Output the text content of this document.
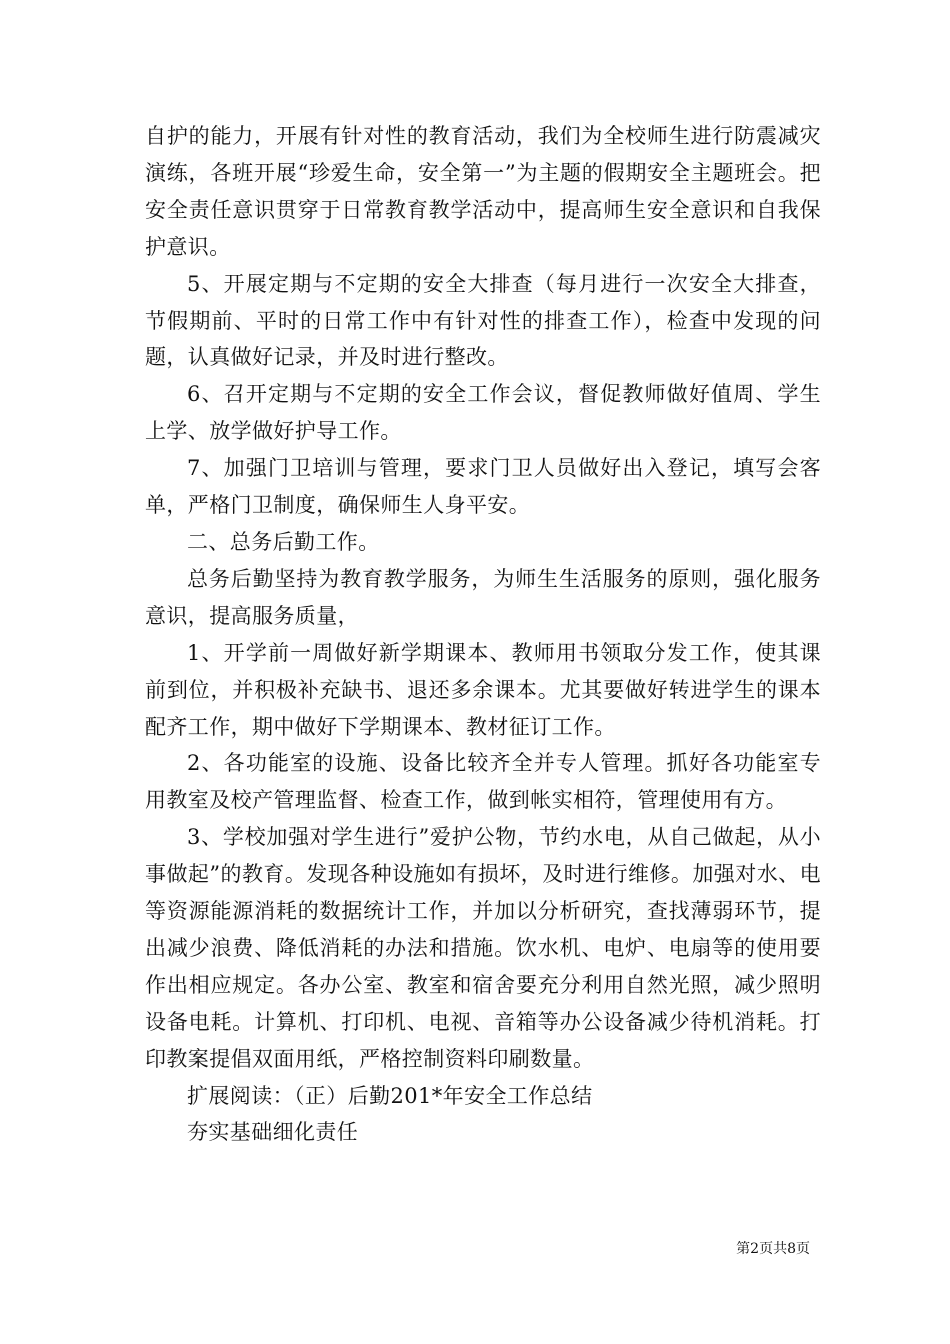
自护的能力，开展有针对性的教育活动，我们为全校师生进行防震减灾演练，各班开展“珍爱生命，安全第一”为主题的假期安全主题班会。把安全责任意识贯穿于日常教育教学活动中，提高师生安全意识和自我保护意识。

5、开展定期与不定期的安全大排查（每月进行一次安全大排查，节假期前、平时的日常工作中有针对性的排查工作），检查中发现的问题，认真做好记录，并及时进行整改。

6、召开定期与不定期的安全工作会议，督促教师做好值周、学生上学、放学做好护导工作。

7、加强门卫培训与管理，要求门卫人员做好出入登记，填写会客单，严格门卫制度，确保师生人身平安。

二、总务后勤工作。

总务后勤坚持为教育教学服务，为师生生活服务的原则，强化服务意识，提高服务质量，

1、开学前一周做好新学期课本、教师用书领取分发工作，使其课前到位，并积极补充缺书、退还多余课本。尤其要做好转进学生的课本配齐工作，期中做好下学期课本、教材征订工作。

2、各功能室的设施、设备比较齐全并专人管理。抓好各功能室专用教室及校产管理监督、检查工作，做到帐实相符，管理使用有方。

3、学校加强对学生进行”爱护公物，节约水电，从自己做起，从小事做起”的教育。发现各种设施如有损坏，及时进行维修。加强对水、电等资源能源消耗的数据统计工作，并加以分析研究，查找薄弱环节，提出减少浪费、降低消耗的办法和措施。饮水机、电炉、电扇等的使用要作出相应规定。各办公室、教室和宿舍要充分利用自然光照，减少照明设备电耗。计算机、打印机、电视、音箱等办公设备减少待机消耗。打印教案提倡双面用纸，严格控制资料印刷数量。

扩展阅读：（正）后勤201*年安全工作总结

夯实基础细化责任

第2页共8页
